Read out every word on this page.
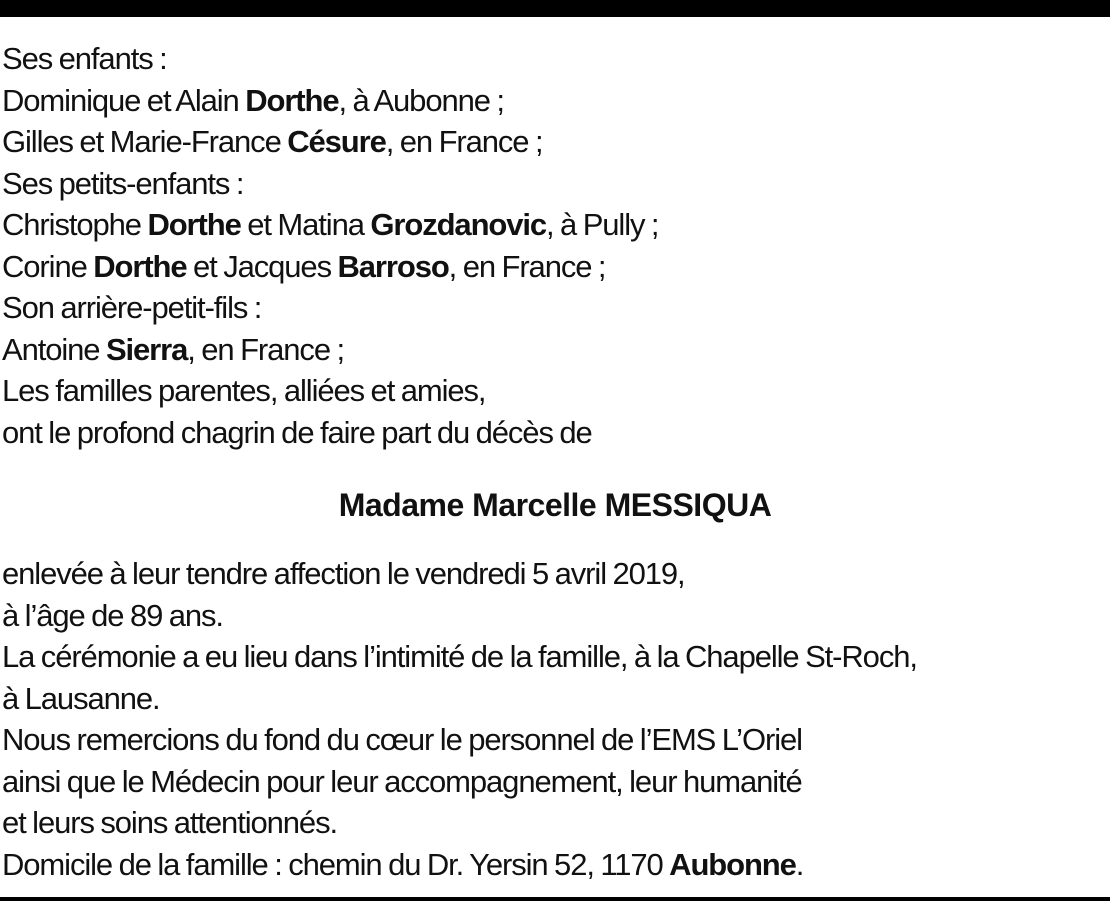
Ses enfants :
Dominique et Alain Dorthe, à Aubonne ;
Gilles et Marie-France Césure, en France ;
Ses petits-enfants :
Christophe Dorthe et Matina Grozdanovic, à Pully ;
Corine Dorthe et Jacques Barroso, en France ;
Son arrière-petit-fils :
Antoine Sierra, en France ;
Les familles parentes, alliées et amies,
ont le profond chagrin de faire part du décès de
Madame Marcelle MESSIQUA
enlevée à leur tendre affection le vendredi 5 avril 2019,
à l’âge de 89 ans.
La cérémonie a eu lieu dans l’intimité de la famille, à la Chapelle St-Roch,
à Lausanne.
Nous remercions du fond du cœur le personnel de l’EMS L’Oriel
ainsi que le Médecin pour leur accompagnement, leur humanité
et leurs soins attentionnés.
Domicile de la famille : chemin du Dr. Yersin 52, 1170 Aubonne.
